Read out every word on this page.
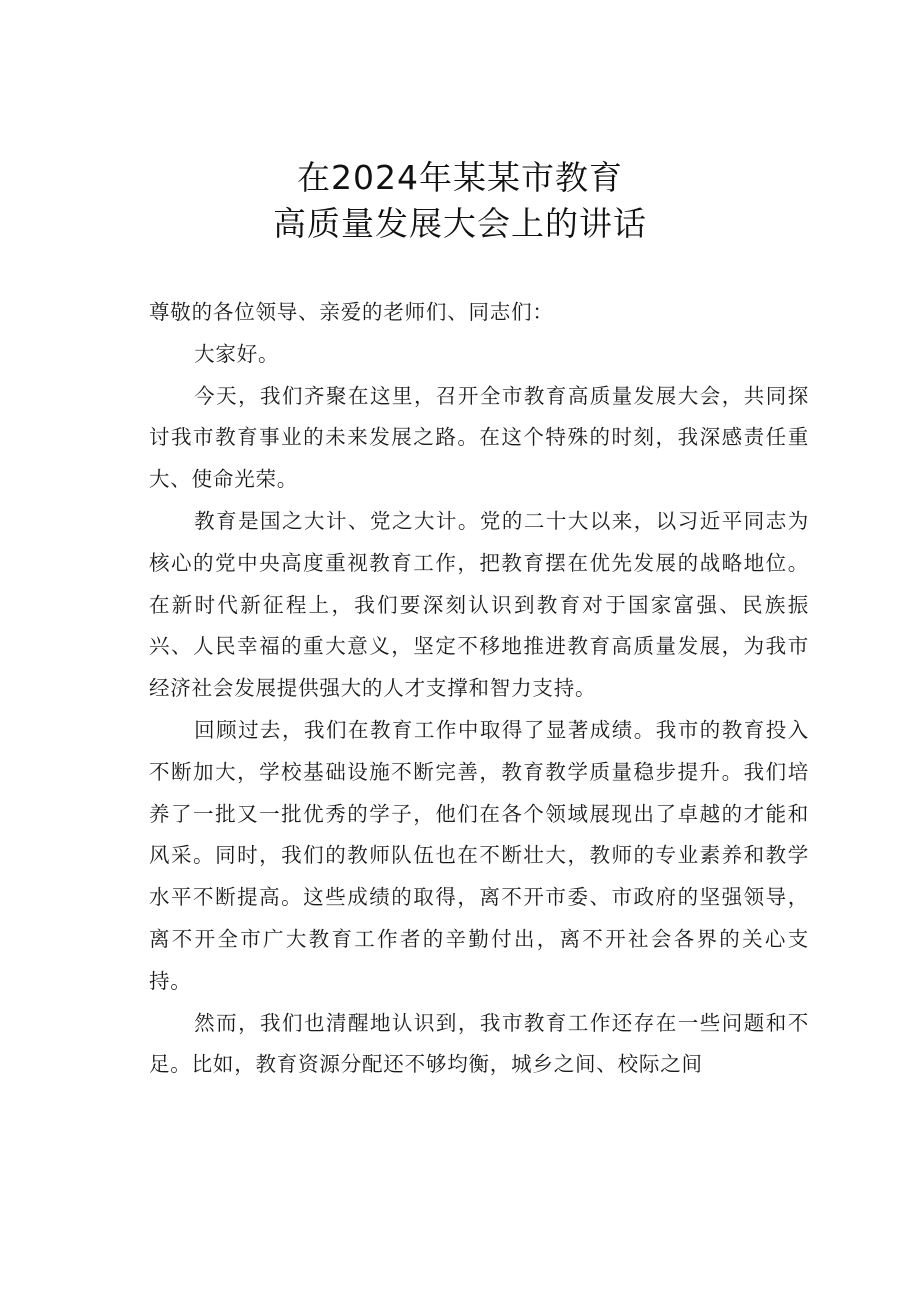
在2024年某某市教育
高质量发展大会上的讲话

尊敬的各位领导、亲爱的老师们、同志们：

大家好。

今天，我们齐聚在这里，召开全市教育高质量发展大会，共同探讨我市教育事业的未来发展之路。在这个特殊的时刻，我深感责任重大、使命光荣。

教育是国之大计、党之大计。党的二十大以来，以习近平同志为核心的党中央高度重视教育工作，把教育摆在优先发展的战略地位。在新时代新征程上，我们要深刻认识到教育对于国家富强、民族振兴、人民幸福的重大意义，坚定不移地推进教育高质量发展，为我市经济社会发展提供强大的人才支撑和智力支持。

回顾过去，我们在教育工作中取得了显著成绩。我市的教育投入不断加大，学校基础设施不断完善，教育教学质量稳步提升。我们培养了一批又一批优秀的学子，他们在各个领域展现出了卓越的才能和风采。同时，我们的教师队伍也在不断壮大，教师的专业素养和教学水平不断提高。这些成绩的取得，离不开市委、市政府的坚强领导，离不开全市广大教育工作者的辛勤付出，离不开社会各界的关心支持。

然而，我们也清醒地认识到，我市教育工作还存在一些问题和不足。比如，教育资源分配还不够均衡，城乡之间、校际之间
